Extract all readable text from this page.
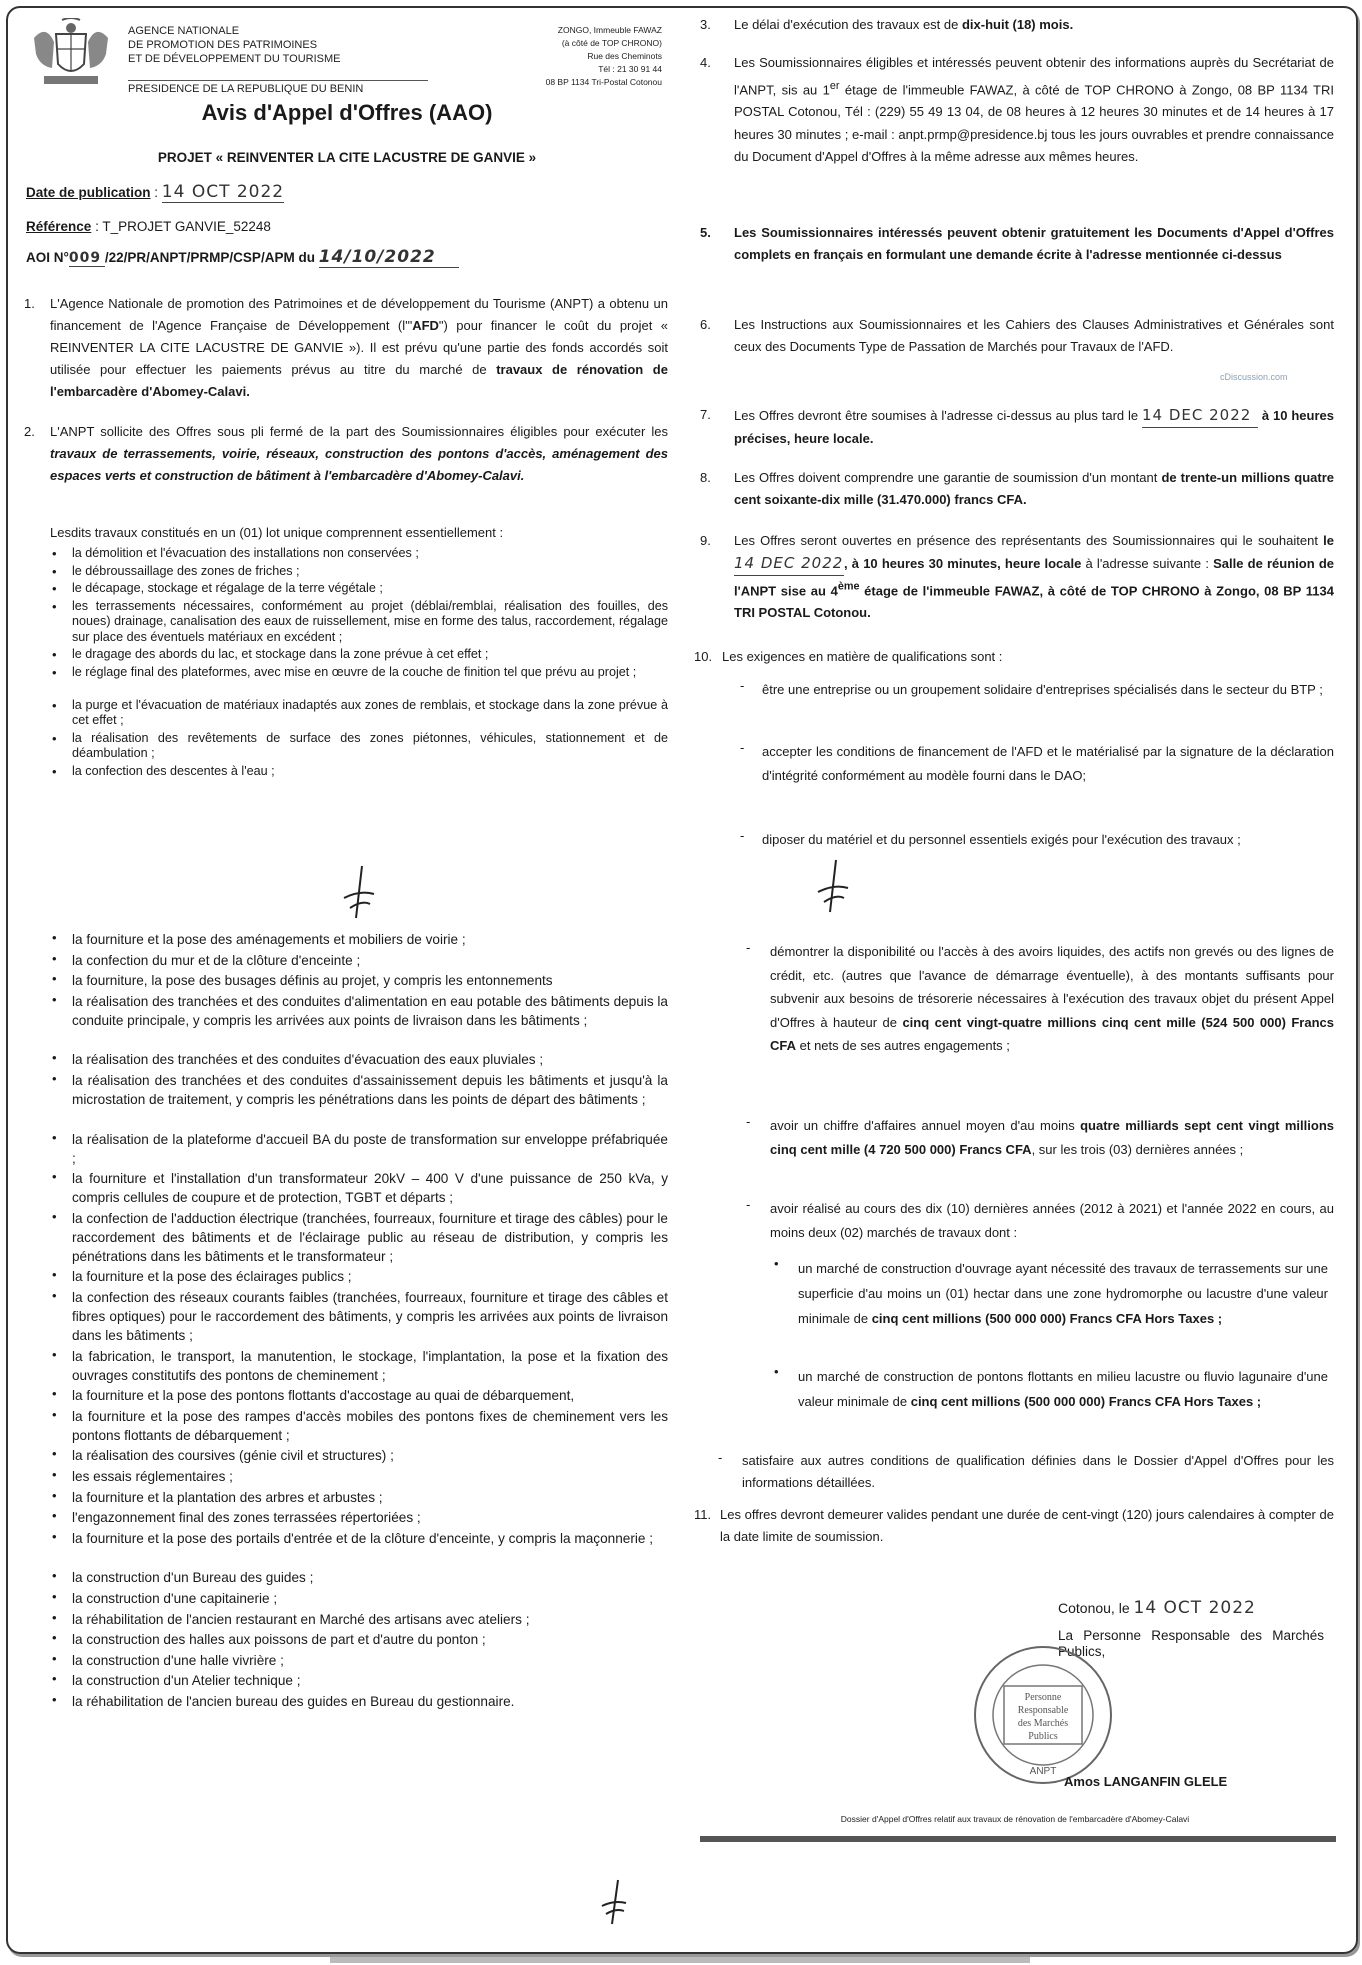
AGENCE NATIONALE
DE PROMOTION DES PATRIMOINES
ET DE DÉVELOPPEMENT DU TOURISME
PRESIDENCE DE LA REPUBLIQUE DU BENIN
ZONGO, Immeuble FAWAZ
(à côté de TOP CHRONO)
Rue des Cheminots
Tél : 21 30 91 44
08 BP 1134 Tri-Postal Cotonou
Avis d'Appel d'Offres (AAO)
PROJET « REINVENTER LA CITE LACUSTRE DE GANVIE »
Date de publication : 14 OCT 2022
Référence : T_PROJET GANVIE_52248
AOI N°009 /22/PR/ANPT/PRMP/CSP/APM du 14/10/2022
1. L'Agence Nationale de promotion des Patrimoines et de développement du Tourisme (ANPT) a obtenu un financement de l'Agence Française de Développement (l'"AFD") pour financer le coût du projet « REINVENTER LA CITE LACUSTRE DE GANVIE »). Il est prévu qu'une partie des fonds accordés soit utilisée pour effectuer les paiements prévus au titre du marché de travaux de rénovation de l'embarcadère d'Abomey-Calavi.
2. L'ANPT sollicite des Offres sous pli fermé de la part des Soumissionnaires éligibles pour exécuter les travaux de terrassements, voirie, réseaux, construction des pontons d'accès, aménagement des espaces verts et construction de bâtiment à l'embarcadère d'Abomey-Calavi.
Lesdits travaux constitués en un (01) lot unique comprennent essentiellement :
• la démolition et l'évacuation des installations non conservées ;
• le débroussaillage des zones de friches ;
• le décapage, stockage et régalage de la terre végétale ;
• les terrassements nécessaires, conformément au projet (déblai/remblai, réalisation des fouilles, des noues) drainage, canalisation des eaux de ruissellement, mise en forme des talus, raccordement, régalage sur place des éventuels matériaux en excédent ;
• le dragage des abords du lac, et stockage dans la zone prévue à cet effet ;
• le réglage final des plateformes, avec mise en œuvre de la couche de finition tel que prévu au projet ;
• la purge et l'évacuation de matériaux inadaptés aux zones de remblais, et stockage dans la zone prévue à cet effet ;
• la réalisation des revêtements de surface des zones piétonnes, véhicules, stationnement et de déambulation ;
• la confection des descentes à l'eau ;
• la fourniture et la pose des aménagements et mobiliers de voirie ;
• la confection du mur et de la clôture d'enceinte ;
• la fourniture, la pose des busages définis au projet, y compris les entonnements
• la réalisation des tranchées et des conduites d'alimentation en eau potable des bâtiments depuis la conduite principale, y compris les arrivées aux points de livraison dans les bâtiments ;
• la réalisation des tranchées et des conduites d'évacuation des eaux pluviales ;
• la réalisation des tranchées et des conduites d'assainissement depuis les bâtiments et jusqu'à la microstation de traitement, y compris les pénétrations dans les points de départ des bâtiments ;
• la réalisation de la plateforme d'accueil BA du poste de transformation sur enveloppe préfabriquée ;
• la fourniture et l'installation d'un transformateur 20kV – 400 V d'une puissance de 250 kVa, y compris cellules de coupure et de protection, TGBT et départs ;
• la confection de l'adduction électrique (tranchées, fourreaux, fourniture et tirage des câbles) pour le raccordement des bâtiments et de l'éclairage public au réseau de distribution, y compris les pénétrations dans les bâtiments et le transformateur ;
• la fourniture et la pose des éclairages publics ;
• la confection des réseaux courants faibles (tranchées, fourreaux, fourniture et tirage des câbles et fibres optiques) pour le raccordement des bâtiments, y compris les arrivées aux points de livraison dans les bâtiments ;
• la fabrication, le transport, la manutention, le stockage, l'implantation, la pose et la fixation des ouvrages constitutifs des pontons de cheminement ;
• la fourniture et la pose des pontons flottants d'accostage au quai de débarquement,
• la fourniture et la pose des rampes d'accès mobiles des pontons fixes de cheminement vers les pontons flottants de débarquement ;
• la réalisation des coursives (génie civil et structures) ;
• les essais réglementaires ;
• la fourniture et la plantation des arbres et arbustes ;
• l'engazonnement final des zones terrassées répertoriées ;
• la fourniture et la pose des portails d'entrée et de la clôture d'enceinte, y compris la maçonnerie ;
• la construction d'un Bureau des guides ;
• la construction d'une capitainerie ;
• la réhabilitation de l'ancien restaurant en Marché des artisans avec ateliers ;
• la construction des halles aux poissons de part et d'autre du ponton ;
• la construction d'une halle vivrière ;
• la construction d'un Atelier technique ;
• la réhabilitation de l'ancien bureau des guides en Bureau du gestionnaire.
3. Le délai d'exécution des travaux est de dix-huit (18) mois.
4. Les Soumissionnaires éligibles et intéressés peuvent obtenir des informations auprès du Secrétariat de l'ANPT, sis au 1er étage de l'immeuble FAWAZ, à côté de TOP CHRONO à Zongo, 08 BP 1134 TRI POSTAL Cotonou, Tél : (229) 55 49 13 04, de 08 heures à 12 heures 30 minutes et de 14 heures à 17 heures 30 minutes ; e-mail : anpt.prmp@presidence.bj tous les jours ouvrables et prendre connaissance du Document d'Appel d'Offres à la même adresse aux mêmes heures.
5. Les Soumissionnaires intéressés peuvent obtenir gratuitement les Documents d'Appel d'Offres complets en français en formulant une demande écrite à l'adresse mentionnée ci-dessus
6. Les Instructions aux Soumissionnaires et les Cahiers des Clauses Administratives et Générales sont ceux des Documents Type de Passation de Marchés pour Travaux de l'AFD.
cDiscussion.com
7. Les Offres devront être soumises à l'adresse ci-dessus au plus tard le 14 DEC 2022 à 10 heures précises, heure locale.
8. Les Offres doivent comprendre une garantie de soumission d'un montant de trente-un millions quatre cent soixante-dix mille (31.470.000) francs CFA.
9. Les Offres seront ouvertes en présence des représentants des Soumissionnaires qui le souhaitent le 14 DEC 2022, à 10 heures 30 minutes, heure locale à l'adresse suivante : Salle de réunion de l'ANPT sise au 4ème étage de l'immeuble FAWAZ, à côté de TOP CHRONO à Zongo, 08 BP 1134 TRI POSTAL Cotonou.
10. Les exigences en matière de qualifications sont :
- être une entreprise ou un groupement solidaire d'entreprises spécialisés dans le secteur du BTP ;
- accepter les conditions de financement de l'AFD et le matérialisé par la signature de la déclaration d'intégrité conformément au modèle fourni dans le DAO;
- diposer du matériel et du personnel essentiels exigés pour l'exécution des travaux ;
- démontrer la disponibilité ou l'accès à des avoirs liquides, des actifs non grevés ou des lignes de crédit, etc. (autres que l'avance de démarrage éventuelle), à des montants suffisants pour subvenir aux besoins de trésorerie nécessaires à l'exécution des travaux objet du présent Appel d'Offres à hauteur de cinq cent vingt-quatre millions cinq cent mille (524 500 000) Francs CFA et nets de ses autres engagements ;
- avoir un chiffre d'affaires annuel moyen d'au moins quatre milliards sept cent vingt millions cinq cent mille (4 720 500 000) Francs CFA, sur les trois (03) dernières années ;
- avoir réalisé au cours des dix (10) dernières années (2012 à 2021) et l'année 2022 en cours, au moins deux (02) marchés de travaux dont :
• un marché de construction d'ouvrage ayant nécessité des travaux de terrassements sur une superficie d'au moins un (01) hectar dans une zone hydromorphe ou lacustre d'une valeur minimale de cinq cent millions (500 000 000) Francs CFA Hors Taxes ;
• un marché de construction de pontons flottants en milieu lacustre ou fluvio lagunaire d'une valeur minimale de cinq cent millions (500 000 000) Francs CFA Hors Taxes ;
- satisfaire aux autres conditions de qualification définies dans le Dossier d'Appel d'Offres pour les informations détaillées.
11. Les offres devront demeurer valides pendant une durée de cent-vingt (120) jours calendaires à compter de la date limite de soumission.
Cotonou, le 14 OCT 2022
La Personne Responsable des Marchés Publics,
Personne
Responsable
des Marchés
Publics
ANPT
Amos LANGANFIN GLELE
Dossier d'Appel d'Offres relatif aux travaux de rénovation de l'embarcadère d'Abomey-Calavi
